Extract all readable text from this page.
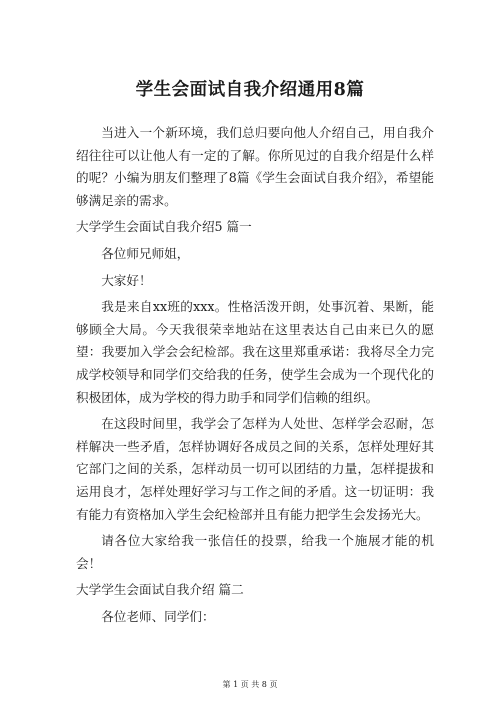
学生会面试自我介绍通用8篇

当进入一个新环境，我们总归要向他人介绍自己，用自我介绍往往可以让他人有一定的了解。你所见过的自我介绍是什么样的呢？小编为朋友们整理了8篇《学生会面试自我介绍》，希望能够满足亲的需求。

大学学生会面试自我介绍5 篇一

各位师兄师姐，

大家好！

我是来自xx班的xxx。性格活泼开朗，处事沉着、果断，能够顾全大局。今天我很荣幸地站在这里表达自己由来已久的愿望：我要加入学会会纪检部。我在这里郑重承诺：我将尽全力完成学校领导和同学们交给我的任务，使学生会成为一个现代化的积极团体，成为学校的得力助手和同学们信赖的组织。

在这段时间里，我学会了怎样为人处世、怎样学会忍耐，怎样解决一些矛盾，怎样协调好各成员之间的关系，怎样处理好其它部门之间的关系，怎样动员一切可以团结的力量，怎样提拔和运用良才，怎样处理好学习与工作之间的矛盾。这一切证明：我有能力有资格加入学生会纪检部并且有能力把学生会发扬光大。

请各位大家给我一张信任的投票，给我一个施展才能的机会！

大学学生会面试自我介绍 篇二

各位老师、同学们：

第 1 页 共 8 页
